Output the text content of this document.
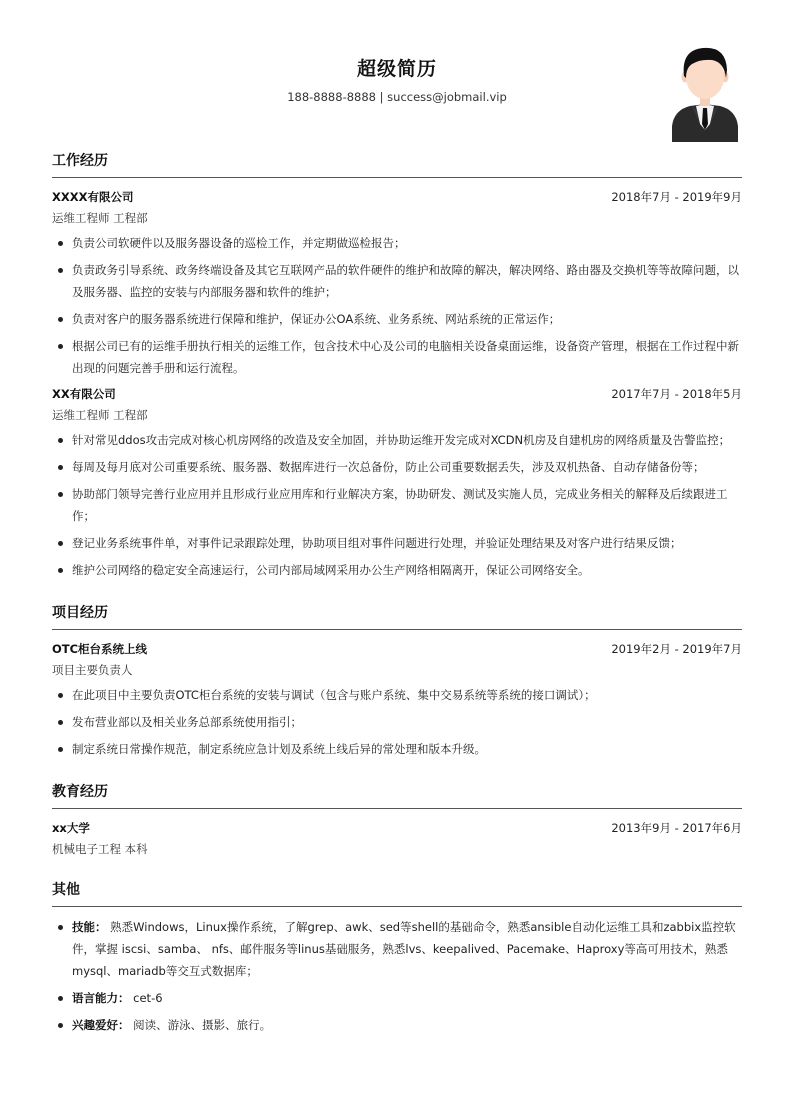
超级简历
188-8888-8888 | success@jobmail.vip
工作经历
XXXX有限公司	2018年7月 - 2019年9月
运维工程师 工程部
负责公司软硬件以及服务器设备的巡检工作，并定期做巡检报告；
负责政务引导系统、政务终端设备及其它互联网产品的软件硬件的维护和故障的解决，解决网络、路由器及交换机等等故障问题，以及服务器、监控的安装与内部服务器和软件的维护；
负责对客户的服务器系统进行保障和维护，保证办公OA系统、业务系统、网站系统的正常运作；
根据公司已有的运维手册执行相关的运维工作，包含技术中心及公司的电脑相关设备桌面运维，设备资产管理，根据在工作过程中新出现的问题完善手册和运行流程。
XX有限公司	2017年7月 - 2018年5月
运维工程师 工程部
针对常见ddos攻击完成对核心机房网络的改造及安全加固，并协助运维开发完成对XCDN机房及自建机房的网络质量及告警监控；
每周及每月底对公司重要系统、服务器、数据库进行一次总备份，防止公司重要数据丢失，涉及双机热备、自动存储备份等；
协助部门领导完善行业应用并且形成行业应用库和行业解决方案，协助研发、测试及实施人员，完成业务相关的解释及后续跟进工作；
登记业务系统事件单，对事件记录跟踪处理，协助项目组对事件问题进行处理，并验证处理结果及对客户进行结果反馈；
维护公司网络的稳定安全高速运行，公司内部局域网采用办公生产网络相隔离开，保证公司网络安全。
项目经历
OTC柜台系统上线	2019年2月 - 2019年7月
项目主要负责人
在此项目中主要负责OTC柜台系统的安装与调试（包含与账户系统、集中交易系统等系统的接口调试）；
发布营业部以及相关业务总部系统使用指引；
制定系统日常操作规范，制定系统应急计划及系统上线后异的常处理和版本升级。
教育经历
xx大学	2013年9月 - 2017年6月
机械电子工程 本科
其他
技能： 熟悉Windows，Linux操作系统，了解grep、awk、sed等shell的基础命令，熟悉ansible自动化运维工具和zabbix监控软件，掌握 iscsi、samba、 nfs、邮件服务等linus基础服务，熟悉lvs、keepalived、Pacemake、Haproxy等高可用技术，熟悉mysql、mariadb等交互式数据库；
语言能力： cet-6
兴趣爱好： 阅读、游泳、摄影、旅行。
